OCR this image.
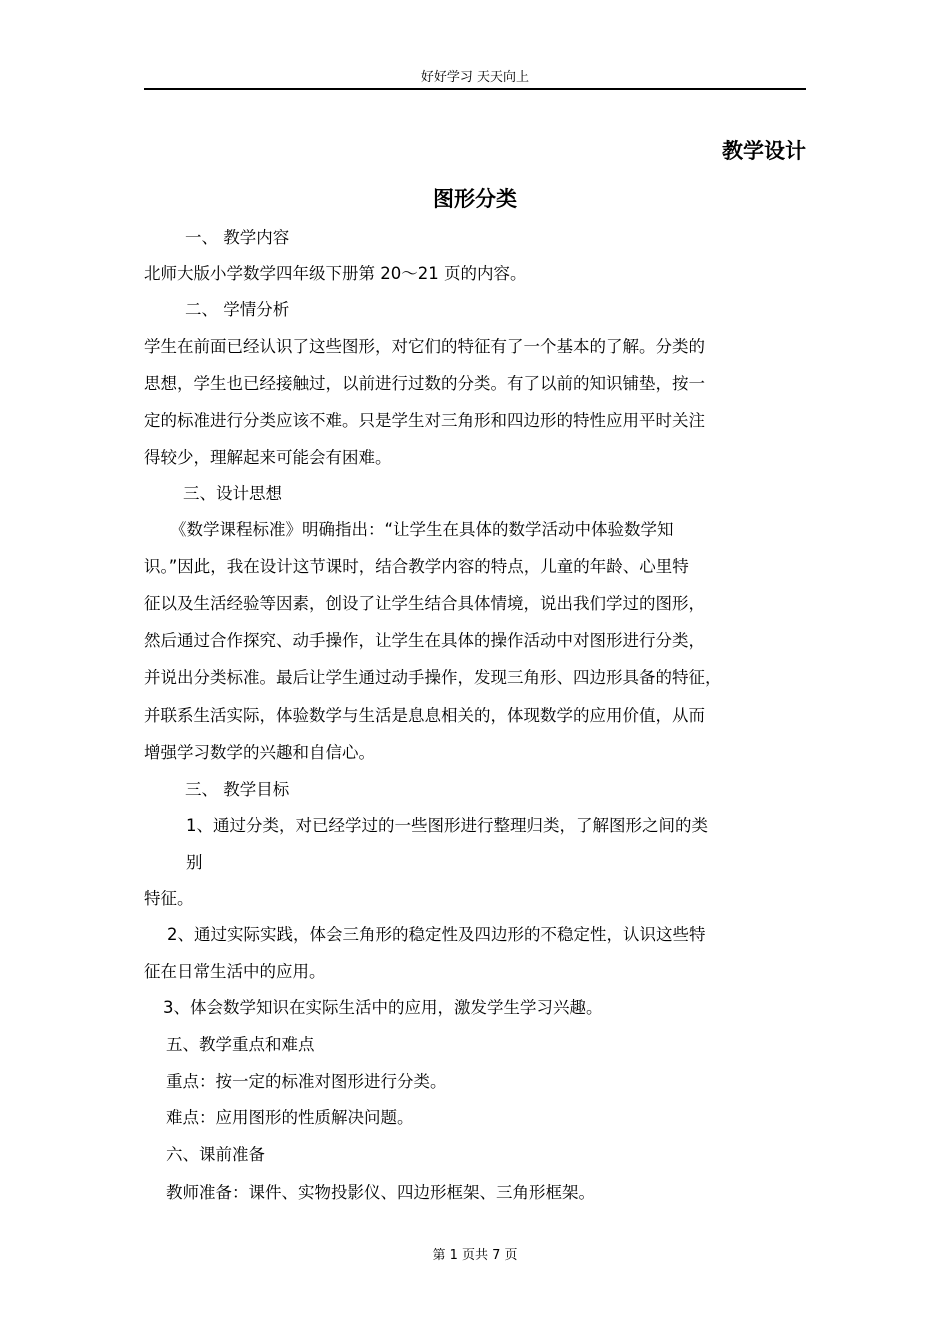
好好学习 天天向上
教学设计
图形分类
一、 教学内容
北师大版小学数学四年级下册第 20～21 页的内容。
二、 学情分析
学生在前面已经认识了这些图形，对它们的特征有了一个基本的了解。分类的
思想，学生也已经接触过，以前进行过数的分类。有了以前的知识铺垫，按一
定的标准进行分类应该不难。只是学生对三角形和四边形的特性应用平时关注
得较少，理解起来可能会有困难。
三、设计思想
《数学课程标准》明确指出：“让学生在具体的数学活动中体验数学知
识。”因此，我在设计这节课时，结合教学内容的特点，儿童的年龄、心里特
征以及生活经验等因素，创设了让学生结合具体情境，说出我们学过的图形，
然后通过合作探究、动手操作，让学生在具体的操作活动中对图形进行分类，
并说出分类标准。最后让学生通过动手操作，发现三角形、四边形具备的特征，
并联系生活实际，体验数学与生活是息息相关的，体现数学的应用价值，从而
增强学习数学的兴趣和自信心。
三、 教学目标
1、通过分类，对已经学过的一些图形进行整理归类，了解图形之间的类
别
特征。
2、通过实际实践，体会三角形的稳定性及四边形的不稳定性，认识这些特
征在日常生活中的应用。
3、体会数学知识在实际生活中的应用，激发学生学习兴趣。
五、教学重点和难点
重点：按一定的标准对图形进行分类。
难点：应用图形的性质解决问题。
六、课前准备
教师准备：课件、实物投影仪、四边形框架、三角形框架。
第 1 页共 7 页
